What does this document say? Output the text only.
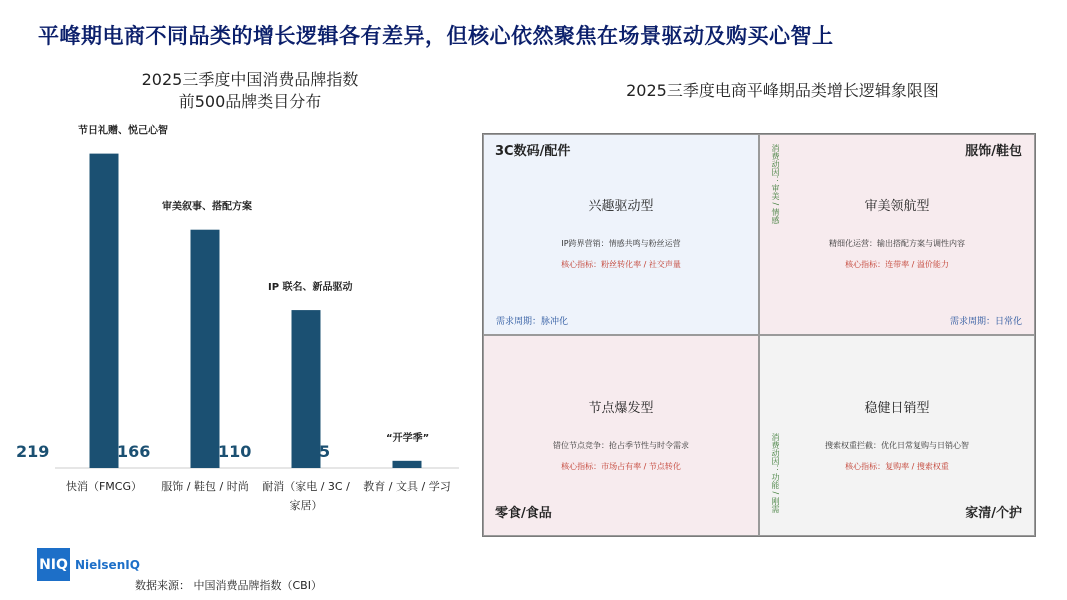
平峰期电商不同品类的增长逻辑各有差异，但核心依然聚焦在场景驱动及购买心智上
2025三季度中国消费品牌指数
前500品牌类目分布
219
节日礼赠、悦己心智
快消（FMCG）
166
审美叙事、搭配方案
服饰 / 鞋包 / 时尚
110
IP 联名、新品驱动
耐消（家电 / 3C /
家居）
5
“开学季”
教育 / 文具 / 学习
2025三季度电商平峰期品类增长逻辑象限图
3C数码/配件	服饰/鞋包
零食/食品	家清/个护
兴趣驱动型
IP跨界营销：情感共鸣与粉丝运营
核心指标：粉丝转化率 / 社交声量
审美领航型
精细化运营：输出搭配方案与调性内容
核心指标：连带率 / 溢价能力
节点爆发型
错位节点竞争：抢占季节性与时令需求
核心指标：市场占有率 / 节点转化
稳健日销型
搜索权重拦截：优化日常复购与日销心智
核心指标：复购率 / 搜索权重
需求周期：脉冲化	需求周期：日常化
消费动因：审美 / 情感
消费动因：功能 / 刚需
NIQ NielsenIQ
数据来源： 中国消费品牌指数（CBI）
